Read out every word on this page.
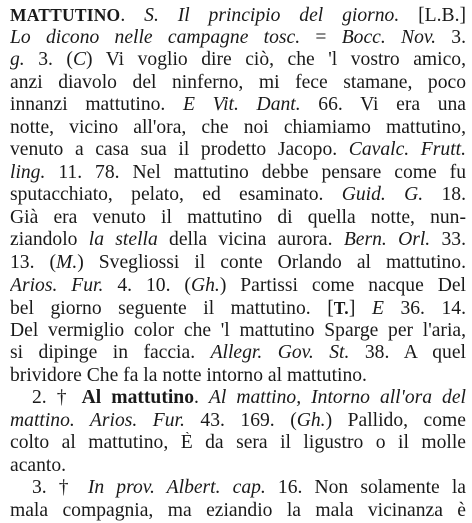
MATTUTINO. S. Il principio del giorno. [L.B.]
Lo dicono nelle campagne tosc. = Bocc. Nov. 3.
g. 3. (C) Vi voglio dire ciò, che 'l vostro amico,
anzi diavolo del ninferno, mi fece stamane, poco
innanzi mattutino. E Vit. Dant. 66. Vi era una
notte, vicino all'ora, che noi chiamiamo mattutino,
venuto a casa sua il prodetto Jacopo. Cavalc. Frutt.
ling. 11. 78. Nel mattutino debbe pensare come fu
sputacchiato, pelato, ed esaminato. Guid. G. 18.
Già era venuto il mattutino di quella notte, nun-
ziandolo la stella della vicina aurora. Bern. Orl. 33.
13. (M.) Svegliossi il conte Orlando al mattutino.
Arios. Fur. 4. 10. (Gh.) Partissi come nacque Del
bel giorno seguente il mattutino. [T.] E 36. 14.
Del vermiglio color che 'l mattutino Sparge per l'aria,
si dipinge in faccia. Allegr. Gov. St. 38. A quel
brividore Che fa la notte intorno al mattutino.
2. † Al mattutino. Al mattino, Intorno all'ora del
mattino. Arios. Fur. 43. 169. (Gh.) Pallido, come
colto al mattutino, È da sera il ligustro o il molle
acanto.
3. † In prov. Albert. cap. 16. Non solamente la
mala compagnia, ma eziandio la mala vicinanza è
